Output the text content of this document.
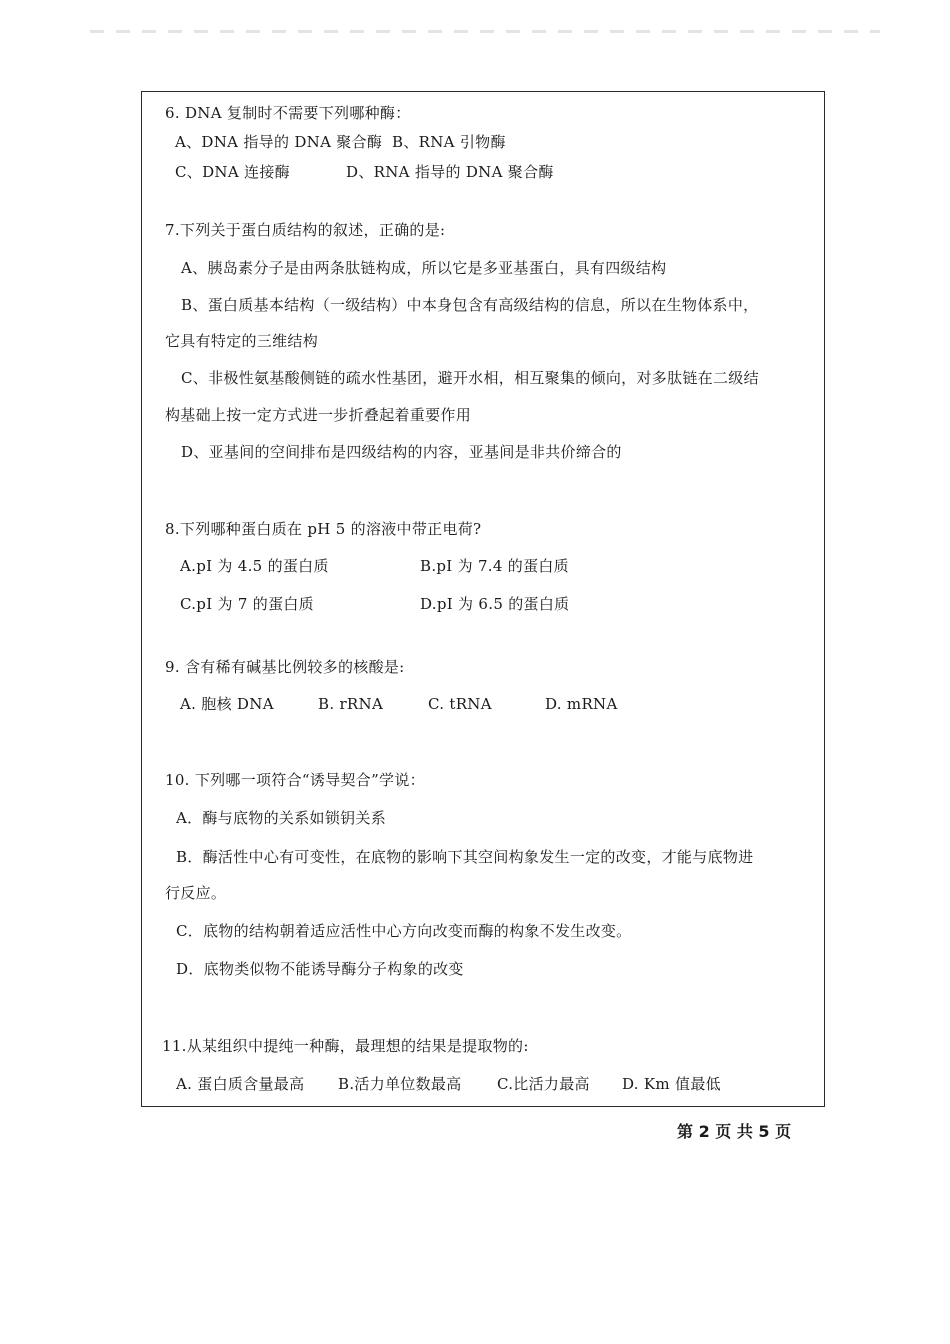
6. DNA 复制时不需要下列哪种酶：
A、DNA 指导的 DNA 聚合酶 B、RNA 引物酶
C、DNA 连接酶	D、RNA 指导的 DNA 聚合酶
7.下列关于蛋白质结构的叙述，正确的是:
A、胰岛素分子是由两条肽链构成，所以它是多亚基蛋白，具有四级结构
B、蛋白质基本结构（一级结构）中本身包含有高级结构的信息，所以在生物体系中，
它具有特定的三维结构
C、非极性氨基酸侧链的疏水性基团，避开水相，相互聚集的倾向，对多肽链在二级结
构基础上按一定方式进一步折叠起着重要作用
D、亚基间的空间排布是四级结构的内容，亚基间是非共价缔合的
8.下列哪种蛋白质在 pH 5 的溶液中带正电荷?
A.pI 为 4.5 的蛋白质	B.pI 为 7.4 的蛋白质
C.pI 为 7 的蛋白质	D.pI 为 6.5 的蛋白质
9. 含有稀有碱基比例较多的核酸是:
A. 胞核 DNA	B. rRNA	C. tRNA	D. mRNA
10. 下列哪一项符合“诱导契合”学说：
A．酶与底物的关系如锁钥关系
B．酶活性中心有可变性，在底物的影响下其空间构象发生一定的改变，才能与底物进
行反应。
C．底物的结构朝着适应活性中心方向改变而酶的构象不发生改变。
D．底物类似物不能诱导酶分子构象的改变
11.从某组织中提纯一种酶，最理想的结果是提取物的:
A. 蛋白质含量最高 B.活力单位数最高 C.比活力最高 D. Km 值最低
第 2 页 共 5 页
